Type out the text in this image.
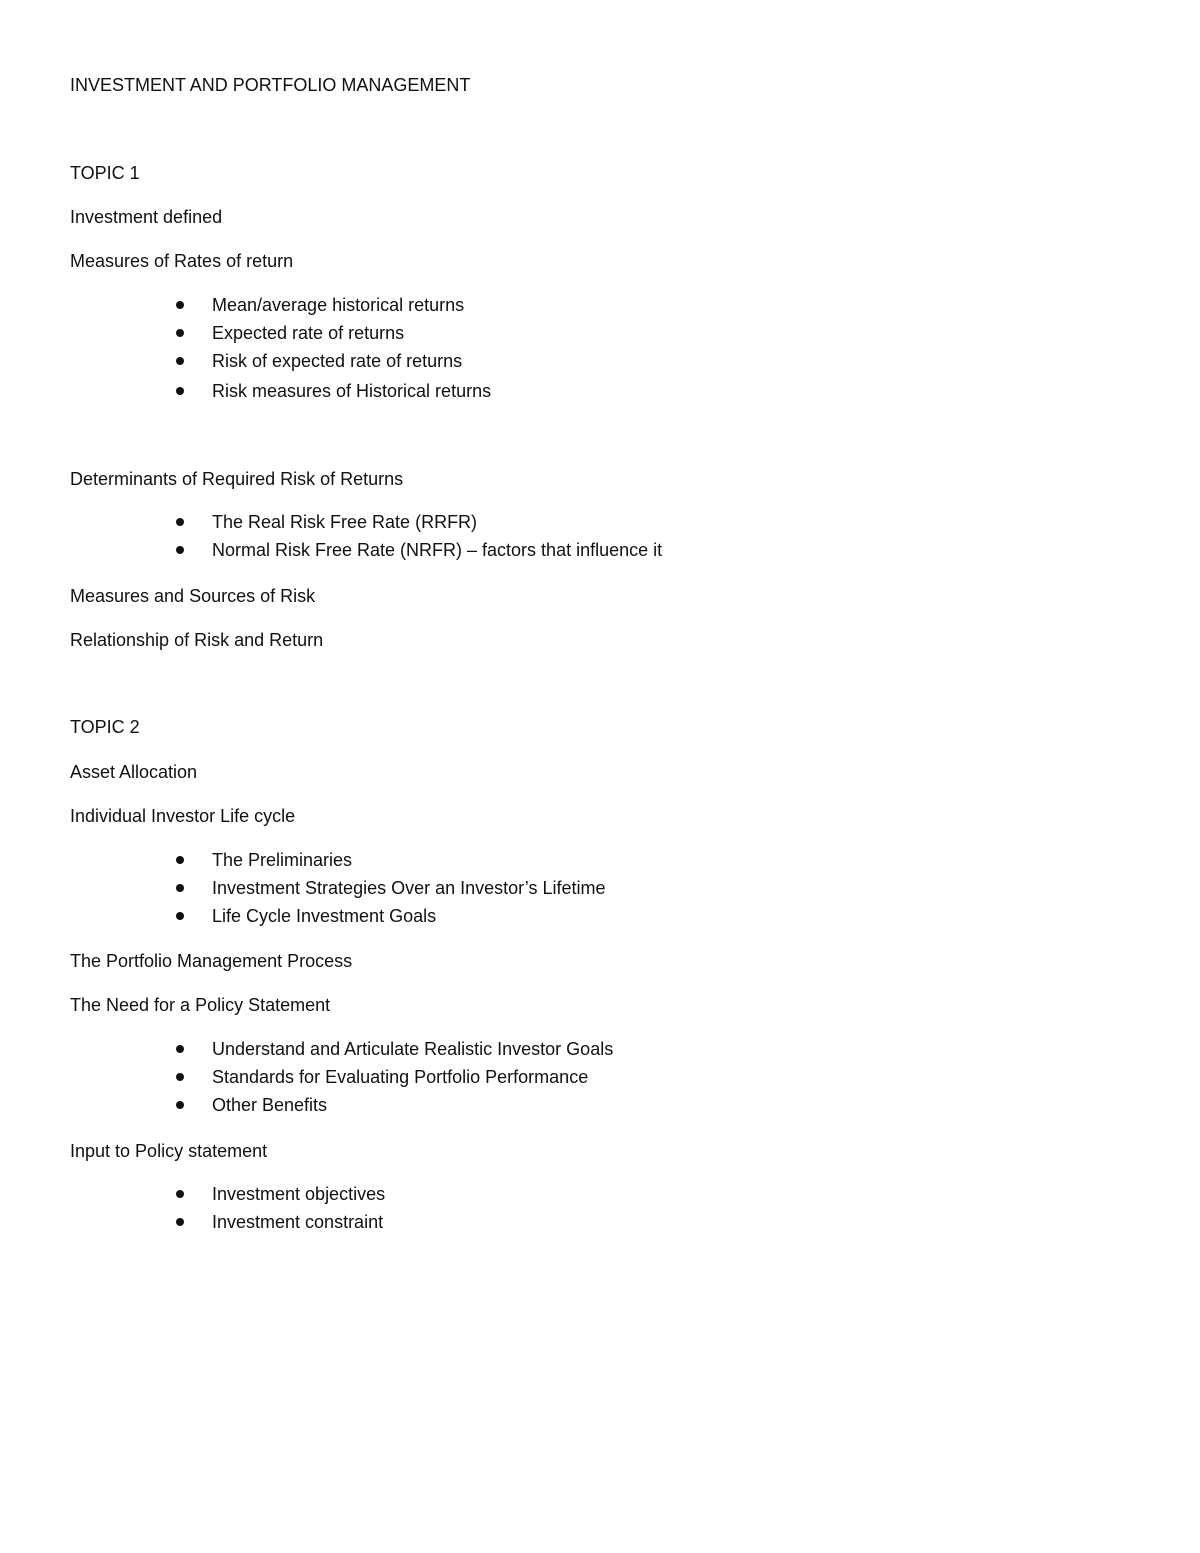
INVESTMENT AND PORTFOLIO MANAGEMENT
TOPIC 1
Investment defined
Measures of Rates of return
Mean/average historical returns
Expected rate of returns
Risk of expected rate of returns
Risk measures of Historical returns
Determinants of Required Risk of Returns
The Real Risk Free Rate (RRFR)
Normal Risk Free Rate (NRFR) – factors that influence it
Measures and Sources of Risk
Relationship of Risk and Return
TOPIC 2
Asset Allocation
Individual Investor Life cycle
The Preliminaries
Investment Strategies Over an Investor’s Lifetime
Life Cycle Investment Goals
The Portfolio Management Process
The Need for a Policy Statement
Understand and Articulate Realistic Investor Goals
Standards for Evaluating Portfolio Performance
Other Benefits
Input to Policy statement
Investment objectives
Investment constraint
